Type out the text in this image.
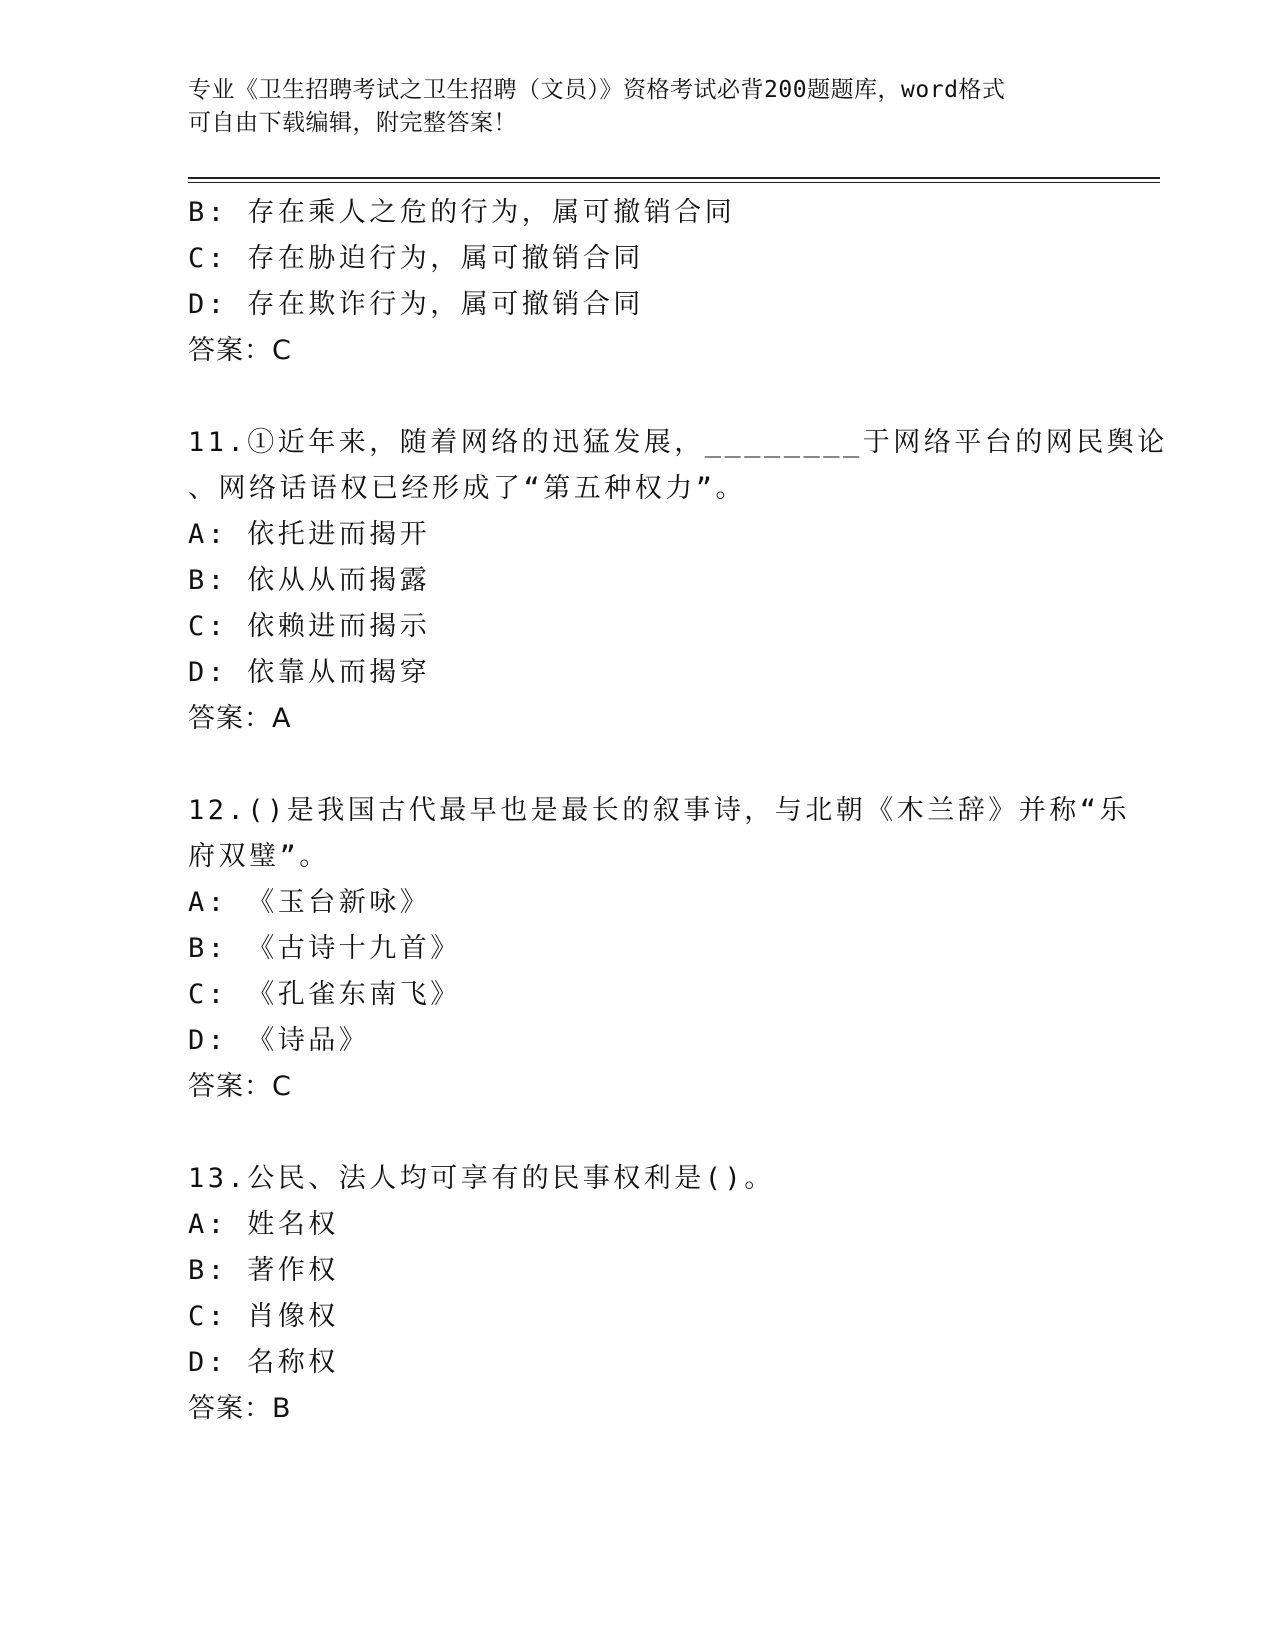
专业《卫生招聘考试之卫生招聘（文员）》资格考试必背200题题库，word格式
可自由下载编辑，附完整答案！
B: 存在乘人之危的行为，属可撤销合同
C: 存在胁迫行为，属可撤销合同
D: 存在欺诈行为，属可撤销合同
答案：C
11.①近年来，随着网络的迅猛发展，________于网络平台的网民舆论
、网络话语权已经形成了“第五种权力”。
A: 依托进而揭开
B: 依从从而揭露
C: 依赖进而揭示
D: 依靠从而揭穿
答案：A
12.()是我国古代最早也是最长的叙事诗，与北朝《木兰辞》并称“乐
府双璧”。
A: 《玉台新咏》
B: 《古诗十九首》
C: 《孔雀东南飞》
D: 《诗品》
答案：C
13.公民、法人均可享有的民事权利是()。
A: 姓名权
B: 著作权
C: 肖像权
D: 名称权
答案：B
